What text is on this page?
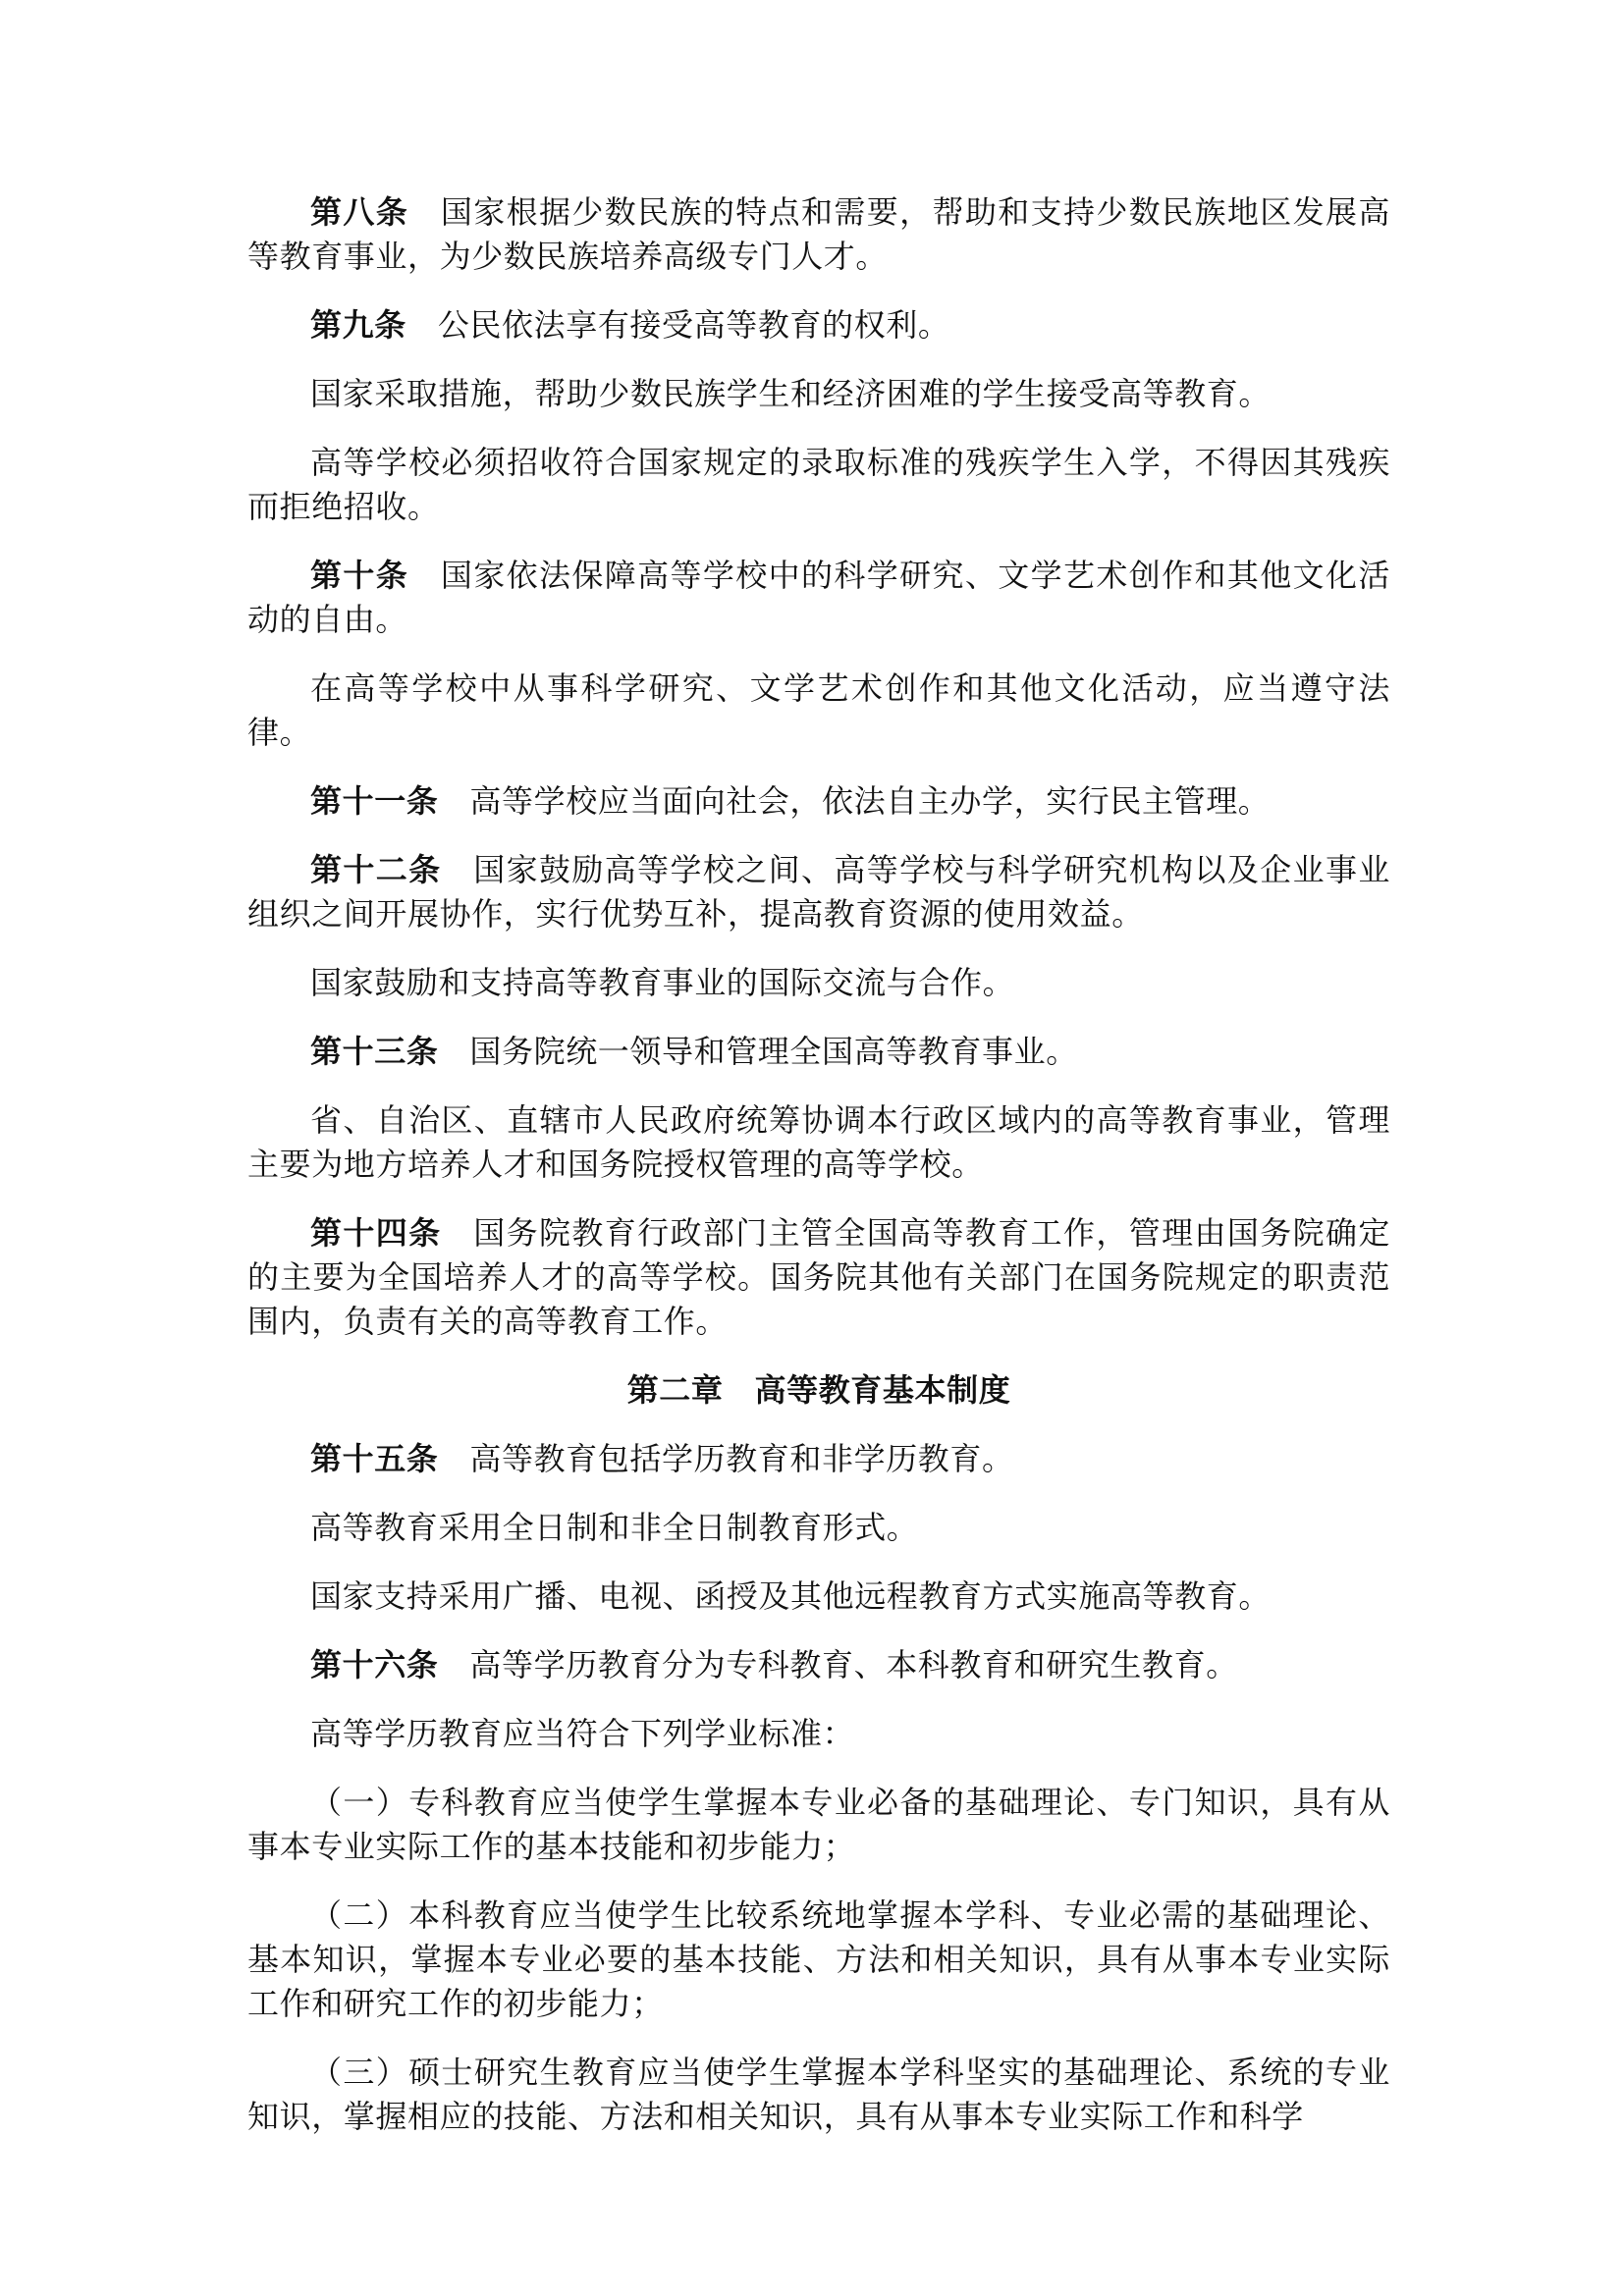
第八条 国家根据少数民族的特点和需要，帮助和支持少数民族地区发展高等教育事业，为少数民族培养高级专门人才。

第九条 公民依法享有接受高等教育的权利。

国家采取措施，帮助少数民族学生和经济困难的学生接受高等教育。

高等学校必须招收符合国家规定的录取标准的残疾学生入学，不得因其残疾而拒绝招收。

第十条 国家依法保障高等学校中的科学研究、文学艺术创作和其他文化活动的自由。

在高等学校中从事科学研究、文学艺术创作和其他文化活动，应当遵守法律。

第十一条 高等学校应当面向社会，依法自主办学，实行民主管理。

第十二条 国家鼓励高等学校之间、高等学校与科学研究机构以及企业事业组织之间开展协作，实行优势互补，提高教育资源的使用效益。

国家鼓励和支持高等教育事业的国际交流与合作。

第十三条 国务院统一领导和管理全国高等教育事业。

省、自治区、直辖市人民政府统筹协调本行政区域内的高等教育事业，管理主要为地方培养人才和国务院授权管理的高等学校。

第十四条 国务院教育行政部门主管全国高等教育工作，管理由国务院确定的主要为全国培养人才的高等学校。国务院其他有关部门在国务院规定的职责范围内，负责有关的高等教育工作。

第二章 高等教育基本制度

第十五条 高等教育包括学历教育和非学历教育。

高等教育采用全日制和非全日制教育形式。

国家支持采用广播、电视、函授及其他远程教育方式实施高等教育。

第十六条 高等学历教育分为专科教育、本科教育和研究生教育。

高等学历教育应当符合下列学业标准：

（一）专科教育应当使学生掌握本专业必备的基础理论、专门知识，具有从事本专业实际工作的基本技能和初步能力；

（二）本科教育应当使学生比较系统地掌握本学科、专业必需的基础理论、基本知识，掌握本专业必要的基本技能、方法和相关知识，具有从事本专业实际工作和研究工作的初步能力；

（三）硕士研究生教育应当使学生掌握本学科坚实的基础理论、系统的专业知识，掌握相应的技能、方法和相关知识，具有从事本专业实际工作和科学
